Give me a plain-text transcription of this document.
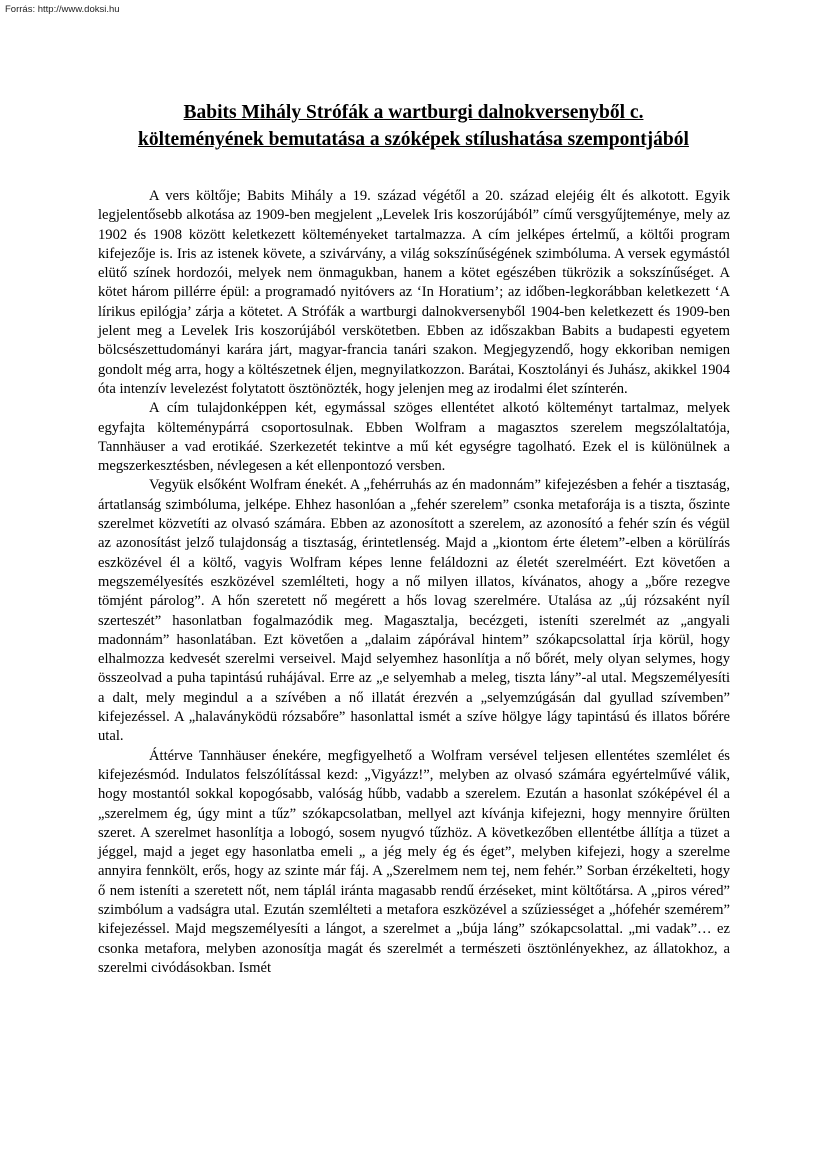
Forrás: http://www.doksi.hu
Babits Mihály Strófák a wartburgi dalnokversenyből c.
költeményének bemutatása a szóképek stílushatása szempontjából

A vers költője; Babits Mihály a 19. század végétől a 20. század elejéig élt és alkotott. Egyik legjelentősebb alkotása az 1909-ben megjelent „Levelek Iris koszorújából” című versgyűjteménye, mely az 1902 és 1908 között keletkezett költeményeket tartalmazza. A cím jelképes értelmű, a költői program kifejezője is. Iris az istenek követe, a szivárvány, a világ sokszínűségének szimbóluma. A versek egymástól elütő színek hordozói, melyek nem önmagukban, hanem a kötet egészében tükrözik a sokszínűséget. A kötet három pillérre épül: a programadó nyitóvers az ‘In Horatium’; az időben-legkorábban keletkezett ‘A lírikus epilógja’ zárja a kötetet. A Strófák a wartburgi dalnokversenyből 1904-ben keletkezett és 1909-ben jelent meg a Levelek Iris koszorújából verskötetben. Ebben az időszakban Babits a budapesti egyetem bölcsészettudományi karára járt, magyar-francia tanári szakon. Megjegyzendő, hogy ekkoriban nemigen gondolt még arra, hogy a költészetnek éljen, megnyilatkozzon. Barátai, Kosztolányi és Juhász, akikkel 1904 óta intenzív levelezést folytatott ösztönözték, hogy jelenjen meg az irodalmi élet színterén.

A cím tulajdonképpen két, egymással szöges ellentétet alkotó költeményt tartalmaz, melyek egyfajta költeménypárrá csoportosulnak. Ebben Wolfram a magasztos szerelem megszólaltatója, Tannhäuser a vad erotikáé. Szerkezetét tekintve a mű két egységre tagolható. Ezek el is különülnek a megszerkesztésben, névlegesen a két ellenpontozó versben.

Vegyük elsőként Wolfram énekét. A „fehérruhás az én madonnám” kifejezésben a fehér a tisztaság, ártatlanság szimbóluma, jelképe. Ehhez hasonlóan a „fehér szerelem” csonka metaforája is a tiszta, őszinte szerelmet közvetíti az olvasó számára. Ebben az azonosított a szerelem, az azonosító a fehér szín és végül az azonosítást jelző tulajdonság a tisztaság, érintetlenség. Majd a „kiontom érte életem”-elben a körülírás eszközével él a költő, vagyis Wolfram képes lenne feláldozni az életét szerelméért. Ezt követően a megszemélyesítés eszközével szemlélteti, hogy a nő milyen illatos, kívánatos, ahogy a „bőre rezegve tömjént párolog”. A hőn szeretett nő megérett a hős lovag szerelmére. Utalása az „új rózsaként nyíl szerteszét” hasonlatban fogalmazódik meg. Magasztalja, becézgeti, isteníti szerelmét az „angyali madonnám” hasonlatában. Ezt követően a „dalaim zápórával hintem” szókapcsolattal írja körül, hogy elhalmozza kedvesét szerelmi verseivel. Majd selyemhez hasonlítja a nő bőrét, mely olyan selymes, hogy összeolvad a puha tapintású ruhájával. Erre az „e selyemhab a meleg, tiszta lány”-al utal. Megszemélyesíti a dalt, mely megindul a a szívében a nő illatát érezvén a „selyemzúgásán dal gyullad szívemben” kifejezéssel. A „halaványködü rózsabőre” hasonlattal ismét a szíve hölgye lágy tapintású és illatos bőrére utal.

Áttérve Tannhäuser énekére, megfigyelhető a Wolfram versével teljesen ellentétes szemlélet és kifejezésmód. Indulatos felszólítással kezd: „Vigyázz!”, melyben az olvasó számára egyértelművé válik, hogy mostantól sokkal kopogósabb, valóság hűbb, vadabb a szerelem. Ezután a hasonlat szóképével él a „szerelmem ég, úgy mint a tűz” szókapcsolatban, mellyel azt kívánja kifejezni, hogy mennyire őrülten szeret. A szerelmet hasonlítja a lobogó, sosem nyugvó tűzhöz. A következőben ellentétbe állítja a tüzet a jéggel, majd a jeget egy hasonlatba emeli „ a jég mely ég és éget”, melyben kifejezi, hogy a szerelme annyira fennkölt, erős, hogy az szinte már fáj. A „Szerelmem nem tej, nem fehér.” Sorban érzékelteti, hogy ő nem isteníti a szeretett nőt, nem táplál iránta magasabb rendű érzéseket, mint költőtársa. A „piros véred” szimbólum a vadságra utal. Ezután szemlélteti a metafora eszközével a szűziességet a „hófehér szemérem” kifejezéssel. Majd megszemélyesíti a lángot, a szerelmet a „búja láng” szókapcsolattal. „mi vadak”… ez csonka metafora, melyben azonosítja magát és szerelmét a természeti ösztönlényekhez, az állatokhoz, a szerelmi civódásokban. Ismét
